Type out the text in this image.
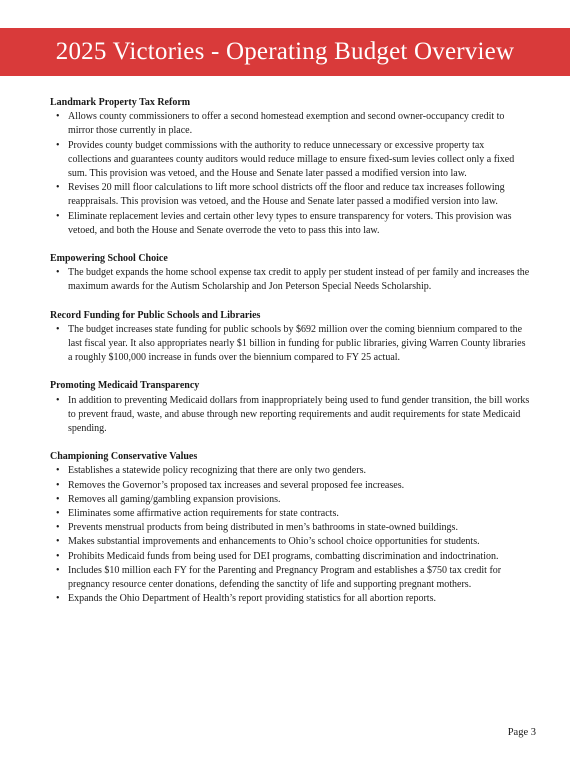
2025 Victories - Operating Budget Overview
Landmark Property Tax Reform
• Allows county commissioners to offer a second homestead exemption and second owner-occupancy credit to mirror those currently in place.
• Provides county budget commissions with the authority to reduce unnecessary or excessive property tax collections and guarantees county auditors would reduce millage to ensure fixed-sum levies collect only a fixed sum. This provision was vetoed, and the House and Senate later passed a modified version into law.
• Revises 20 mill floor calculations to lift more school districts off the floor and reduce tax increases following reappraisals. This provision was vetoed, and the House and Senate later passed a modified version into law.
• Eliminate replacement levies and certain other levy types to ensure transparency for voters. This provision was vetoed, and both the House and Senate overrode the veto to pass this into law.
Empowering School Choice
• The budget expands the home school expense tax credit to apply per student instead of per family and increases the maximum awards for the Autism Scholarship and Jon Peterson Special Needs Scholarship.
Record Funding for Public Schools and Libraries
• The budget increases state funding for public schools by $692 million over the coming biennium compared to the last fiscal year. It also appropriates nearly $1 billion in funding for public libraries, giving Warren County libraries a roughly $100,000 increase in funds over the biennium compared to FY 25 actual.
Promoting Medicaid Transparency
• In addition to preventing Medicaid dollars from inappropriately being used to fund gender transition, the bill works to prevent fraud, waste, and abuse through new reporting requirements and audit requirements for state Medicaid spending.
Championing Conservative Values
• Establishes a statewide policy recognizing that there are only two genders.
• Removes the Governor’s proposed tax increases and several proposed fee increases.
• Removes all gaming/gambling expansion provisions.
• Eliminates some affirmative action requirements for state contracts.
• Prevents menstrual products from being distributed in men’s bathrooms in state-owned buildings.
• Makes substantial improvements and enhancements to Ohio’s school choice opportunities for students.
• Prohibits Medicaid funds from being used for DEI programs, combatting discrimination and indoctrination.
• Includes $10 million each FY for the Parenting and Pregnancy Program and establishes a $750 tax credit for pregnancy resource center donations, defending the sanctity of life and supporting pregnant mothers.
• Expands the Ohio Department of Health’s report providing statistics for all abortion reports.
Page 3
